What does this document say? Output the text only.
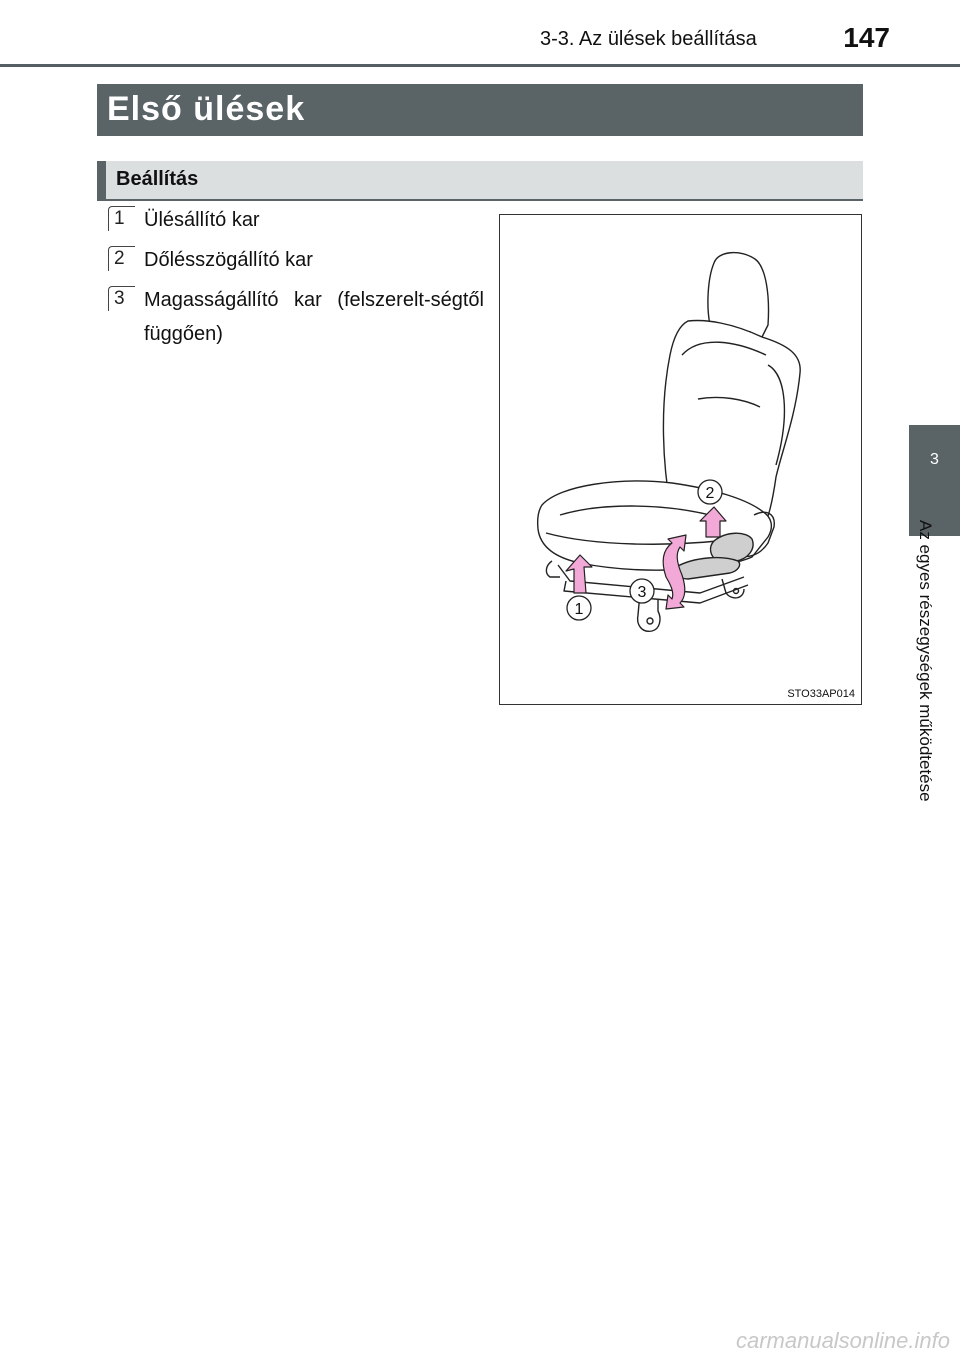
3-3. Az ülések beállítása	147
Első ülések
Beállítás
1 Ülésállító kar
2 Dőlésszögállító kar
3 Magasságállító kar (felszerelt-ségtől függően)
2
3
1
STO33AP014
3
Az egyes részegységek működtetése
carmanualsonline.info
